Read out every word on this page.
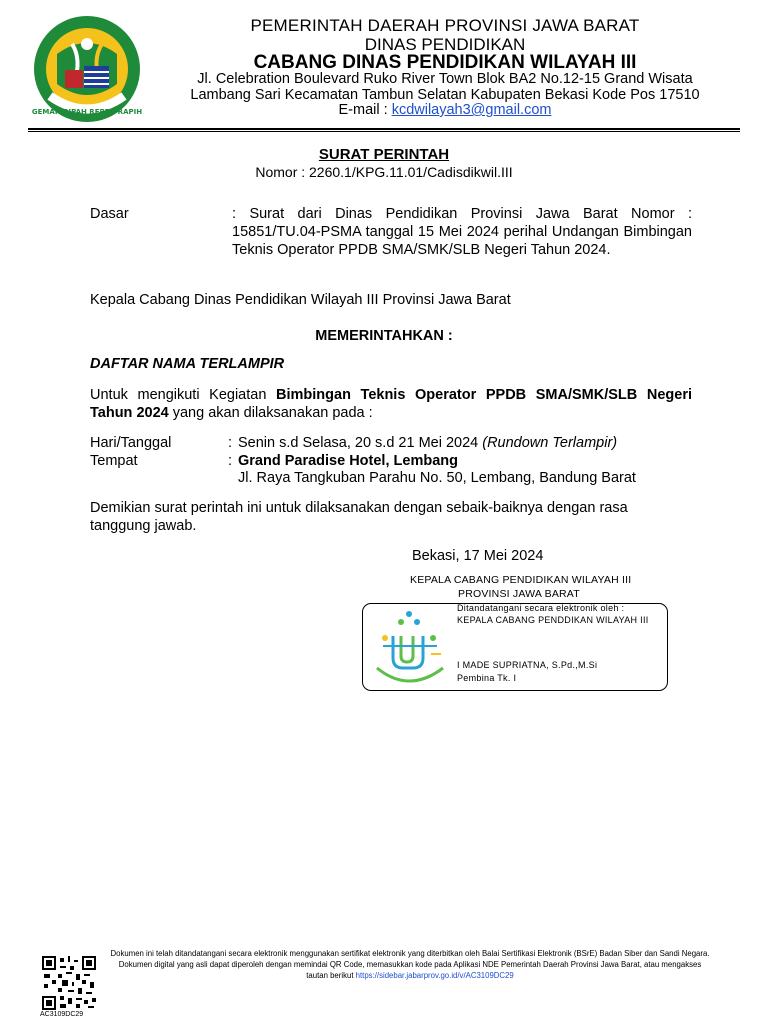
GEMAH RIPAH REPEH RAPIH
PEMERINTAH DAERAH PROVINSI JAWA BARAT
DINAS PENDIDIKAN
CABANG DINAS PENDIDIKAN WILAYAH III
Jl. Celebration Boulevard Ruko River Town Blok BA2 No.12-15 Grand Wisata
Lambang Sari Kecamatan Tambun Selatan Kabupaten Bekasi Kode Pos 17510
E-mail : kcdwilayah3@gmail.com
SURAT PERINTAH
Nomor : 2260.1/KPG.11.01/Cadisdikwil.III
Dasar	: Surat dari Dinas Pendidikan Provinsi Jawa Barat Nomor : 15851/TU.04-PSMA tanggal 15 Mei 2024 perihal Undangan Bimbingan Teknis Operator PPDB SMA/SMK/SLB Negeri Tahun 2024.
Kepala Cabang Dinas Pendidikan Wilayah III Provinsi Jawa Barat
MEMERINTAHKAN :
DAFTAR NAMA TERLAMPIR
Untuk mengikuti Kegiatan Bimbingan Teknis Operator PPDB SMA/SMK/SLB Negeri Tahun 2024 yang akan dilaksanakan pada :
Hari/Tanggal	: Senin s.d Selasa, 20 s.d 21 Mei 2024 (Rundown Terlampir)
Tempat	: Grand Paradise Hotel, Lembang
Jl. Raya Tangkuban Parahu No. 50, Lembang, Bandung Barat
Demikian surat perintah ini untuk dilaksanakan dengan sebaik-baiknya dengan rasa tanggung jawab.
Bekasi, 17 Mei 2024
KEPALA CABANG PENDIDIKAN WILAYAH III
PROVINSI JAWA BARAT
Ditandatangani secara elektronik oleh :
KEPALA CABANG PENDDIKAN WILAYAH III
I MADE SUPRIATNA, S.Pd.,M.Si
Pembina Tk. I
AC3109DC29
Dokumen ini telah ditandatangani secara elektronik menggunakan sertifikat elektronik yang diterbitkan oleh Balai Sertifikasi Elektronik (BSrE) Badan Siber dan Sandi Negara. Dokumen digital yang asli dapat diperoleh dengan memindai QR Code, memasukkan kode pada Aplikasi NDE Pemerintah Daerah Provinsi Jawa Barat, atau mengakses tautan berikut https://sidebar.jabarprov.go.id/v/AC3109DC29
